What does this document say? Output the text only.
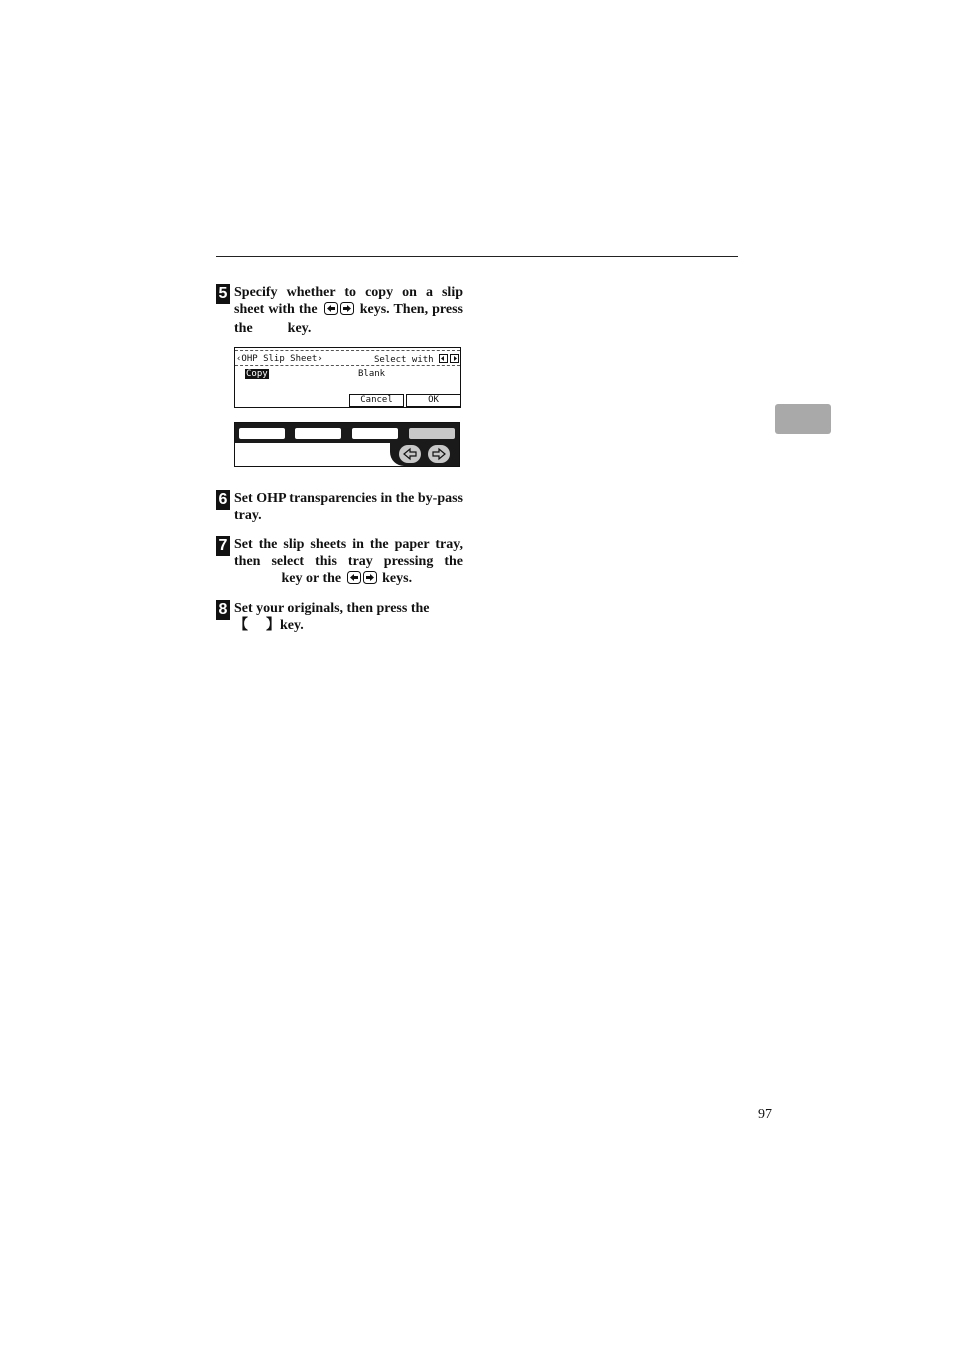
5 Specify whether to copy on a slip sheet with the	keys. Then, press the	key.
‹OHP Slip Sheet›	Select with
Copy	Blank
Cancel	OK
6 Set OHP transparencies in the by-pass tray.
7 Set the slip sheets in the paper tray, then select this tray pressing the  key or the	keys.
8 Set your originals, then press the
【 】key.
97
